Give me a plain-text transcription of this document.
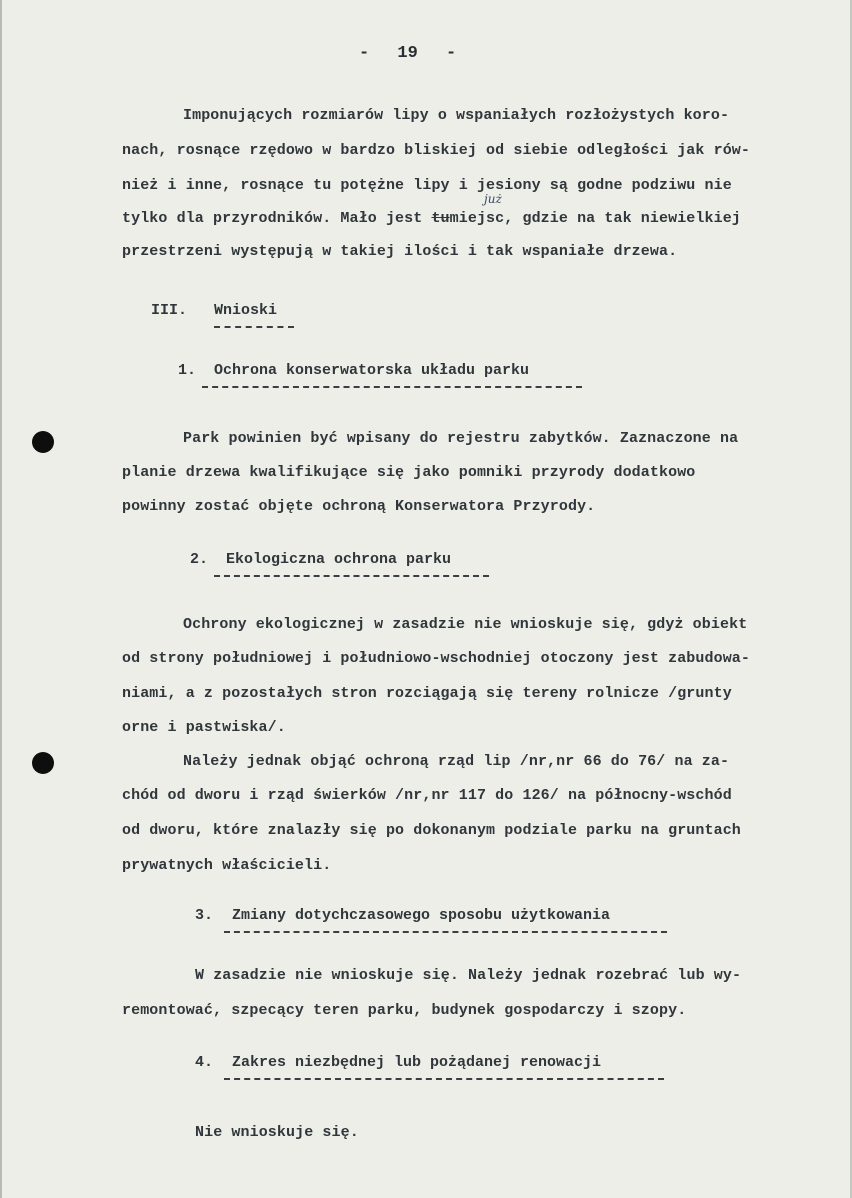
- 19 -
Imponujących rozmiarów lipy o wspaniałych rozłożystych koro-
nach, rosnące rzędowo w bardzo bliskiej od siebie odległości jak rów-
nież i inne, rosnące tu potężne lipy i jesiony są godne podziwu nie
tylko dla przyrodników. Mało jest tumiejsc, gdzie na tak niewielkiej
już
przestrzeni występują w takiej ilości i tak wspaniałe drzewa.
III. Wnioski
1. Ochrona konserwatorska układu parku
Park powinien być wpisany do rejestru zabytków. Zaznaczone na
planie drzewa kwalifikujące się jako pomniki przyrody dodatkowo
powinny zostać objęte ochroną Konserwatora Przyrody.
2. Ekologiczna ochrona parku
Ochrony ekologicznej w zasadzie nie wnioskuje się, gdyż obiekt
od strony południowej i południowo-wschodniej otoczony jest zabudowa-
niami, a z pozostałych stron rozciągają się tereny rolnicze /grunty
orne i pastwiska/.
Należy jednak objąć ochroną rząd lip /nr,nr 66 do 76/ na za-
chód od dworu i rząd świerków /nr,nr 117 do 126/ na północny-wschód
od dworu, które znalazły się po dokonanym podziale parku na gruntach
prywatnych właścicieli.
3. Zmiany dotychczasowego sposobu użytkowania
W zasadzie nie wnioskuje się. Należy jednak rozebrać lub wy-
remontować, szpecący teren parku, budynek gospodarczy i szopy.
4. Zakres niezbędnej lub pożądanej renowacji
Nie wnioskuje się.
